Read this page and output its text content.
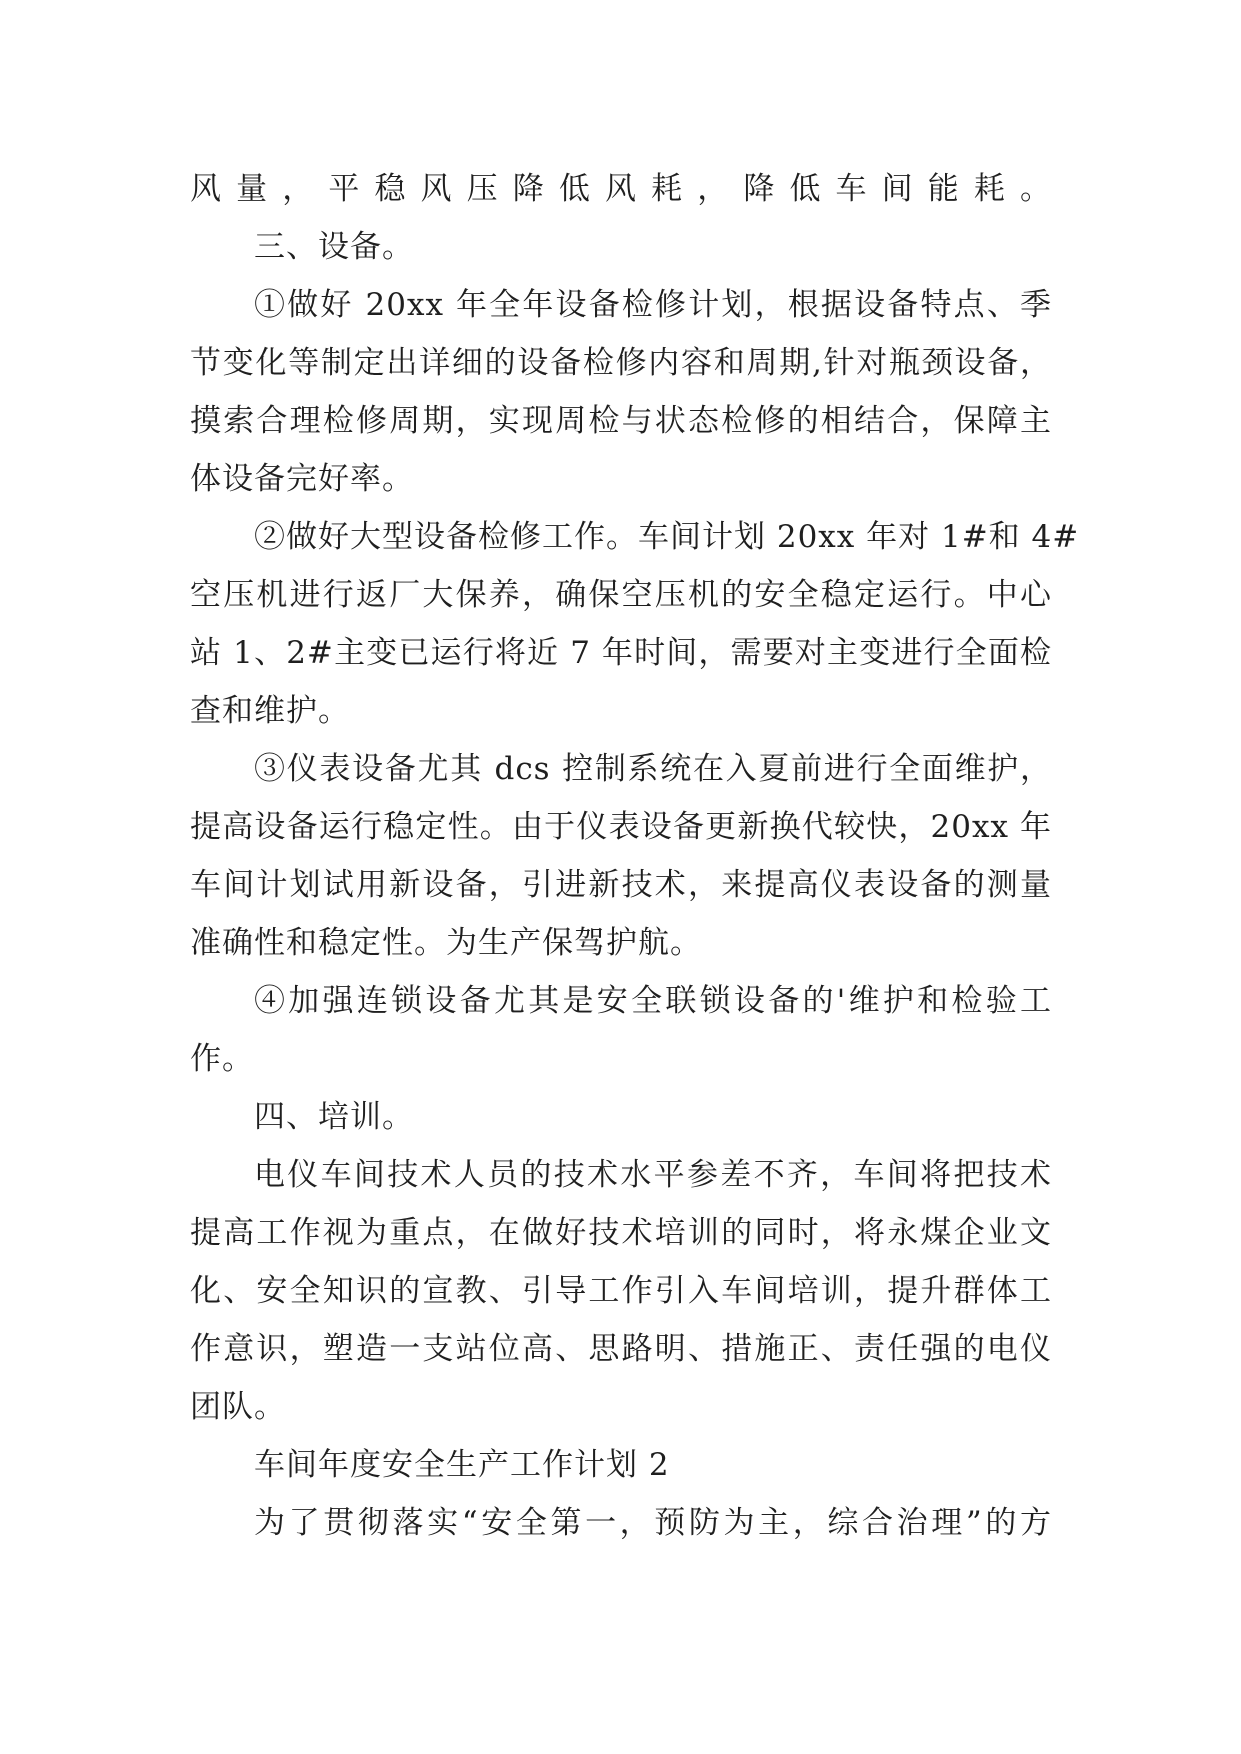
风量，平稳风压降低风耗，降低车间能耗。
三、设备。
①做好 20xx 年全年设备检修计划，根据设备特点、季
节变化等制定出详细的设备检修内容和周期,针对瓶颈设备，
摸索合理检修周期，实现周检与状态检修的相结合，保障主
体设备完好率。
②做好大型设备检修工作。车间计划 20xx 年对 1#和 4#
空压机进行返厂大保养，确保空压机的安全稳定运行。中心
站 1、2#主变已运行将近 7 年时间，需要对主变进行全面检
查和维护。
③仪表设备尤其 dcs 控制系统在入夏前进行全面维护，
提高设备运行稳定性。由于仪表设备更新换代较快，20xx 年
车间计划试用新设备，引进新技术，来提高仪表设备的测量
准确性和稳定性。为生产保驾护航。
④加强连锁设备尤其是安全联锁设备的'维护和检验工
作。
四、培训。
电仪车间技术人员的技术水平参差不齐，车间将把技术
提高工作视为重点，在做好技术培训的同时，将永煤企业文
化、安全知识的宣教、引导工作引入车间培训，提升群体工
作意识，塑造一支站位高、思路明、措施正、责任强的电仪
团队。
车间年度安全生产工作计划 2
为了贯彻落实“安全第一，预防为主，综合治理”的方
